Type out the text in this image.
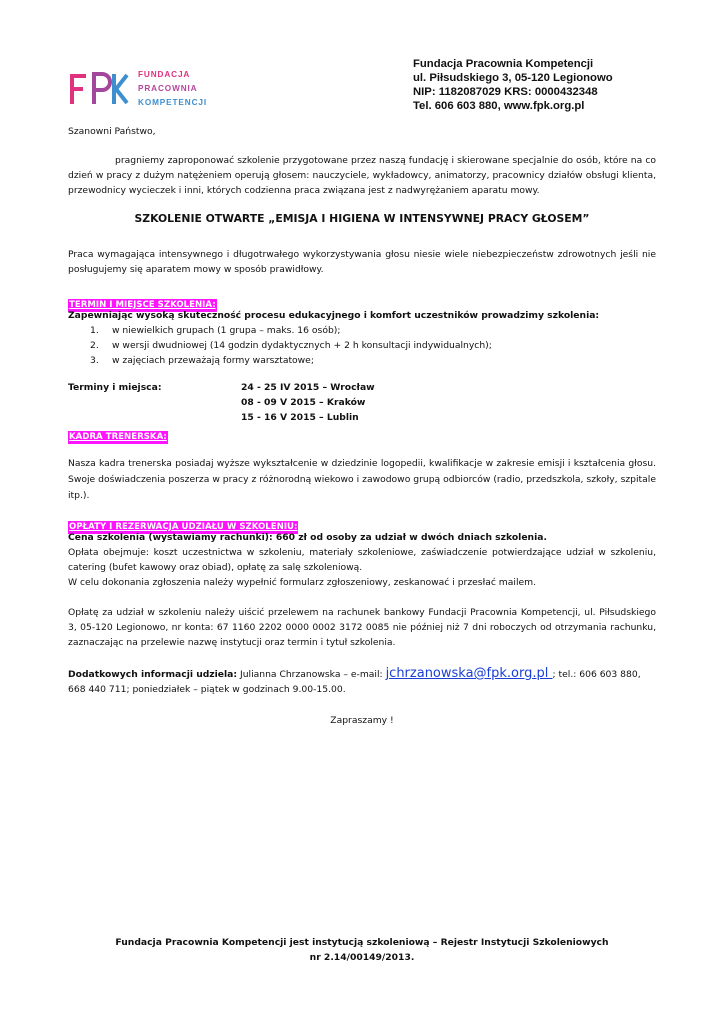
FUNDACJA
PRACOWNIA
KOMPETENCJI
Fundacja Pracownia Kompetencji
ul. Piłsudskiego 3, 05-120 Legionowo
NIP: 1182087029 KRS: 0000432348
Tel. 606 603 880, www.fpk.org.pl
Szanowni Państwo,
pragniemy zaproponować szkolenie przygotowane przez naszą fundację i skierowane specjalnie do osób, które na co dzień w pracy z dużym natężeniem operują głosem: nauczyciele, wykładowcy, animatorzy, pracownicy działów obsługi klienta, przewodnicy wycieczek i inni, których codzienna praca związana jest z nadwyrężaniem aparatu mowy.
SZKOLENIE OTWARTE „EMISJA I HIGIENA W INTENSYWNEJ PRACY GŁOSEM”
Praca wymagająca intensywnego i długotrwałego wykorzystywania głosu niesie wiele niebezpieczeństw zdrowotnych jeśli nie posługujemy się aparatem mowy w sposób prawidłowy.
TERMIN I MIEJSCE SZKOLENIA:
Zapewniając wysoką skuteczność procesu edukacyjnego i komfort uczestników prowadzimy szkolenia:
1. w niewielkich grupach (1 grupa – maks. 16 osób);
2. w wersji dwudniowej (14 godzin dydaktycznych + 2 h konsultacji indywidualnych);
3. w zajęciach przeważają formy warsztatowe;
Terminy i miejsca:	24 - 25 IV 2015 – Wrocław
08 - 09 V 2015 – Kraków
15 - 16 V 2015 – Lublin
KADRA TRENERSKA:
Nasza kadra trenerska posiadaj wyższe wykształcenie w dziedzinie logopedii, kwalifikacje w zakresie emisji i kształcenia głosu. Swoje doświadczenia poszerza w pracy z różnorodną wiekowo i zawodowo grupą odbiorców (radio, przedszkola, szkoły, szpitale itp.).
OPŁATY I REZERWACJA UDZIAŁU W SZKOLENIU:
Cena szkolenia (wystawiamy rachunki): 660 zł od osoby za udział w dwóch dniach szkolenia.
Opłata obejmuje: koszt uczestnictwa w szkoleniu, materiały szkoleniowe, zaświadczenie potwierdzające udział w szkoleniu, catering (bufet kawowy oraz obiad), opłatę za salę szkoleniową.
W celu dokonania zgłoszenia należy wypełnić formularz zgłoszeniowy, zeskanować i przesłać mailem.
Opłatę za udział w szkoleniu należy uiścić przelewem na rachunek bankowy Fundacji Pracownia Kompetencji, ul. Piłsudskiego 3, 05-120 Legionowo, nr konta: 67 1160 2202 0000 0002 3172 0085 nie później niż 7 dni roboczych od otrzymania rachunku, zaznaczając na przelewie nazwę instytucji oraz termin i tytuł szkolenia.
Dodatkowych informacji udziela: Julianna Chrzanowska – e-mail: jchrzanowska@fpk.org.pl ; tel.: 606 603 880,
668 440 711; poniedziałek – piątek w godzinach 9.00-15.00.
Zapraszamy !
Fundacja Pracownia Kompetencji jest instytucją szkoleniową – Rejestr Instytucji Szkoleniowych
nr 2.14/00149/2013.
